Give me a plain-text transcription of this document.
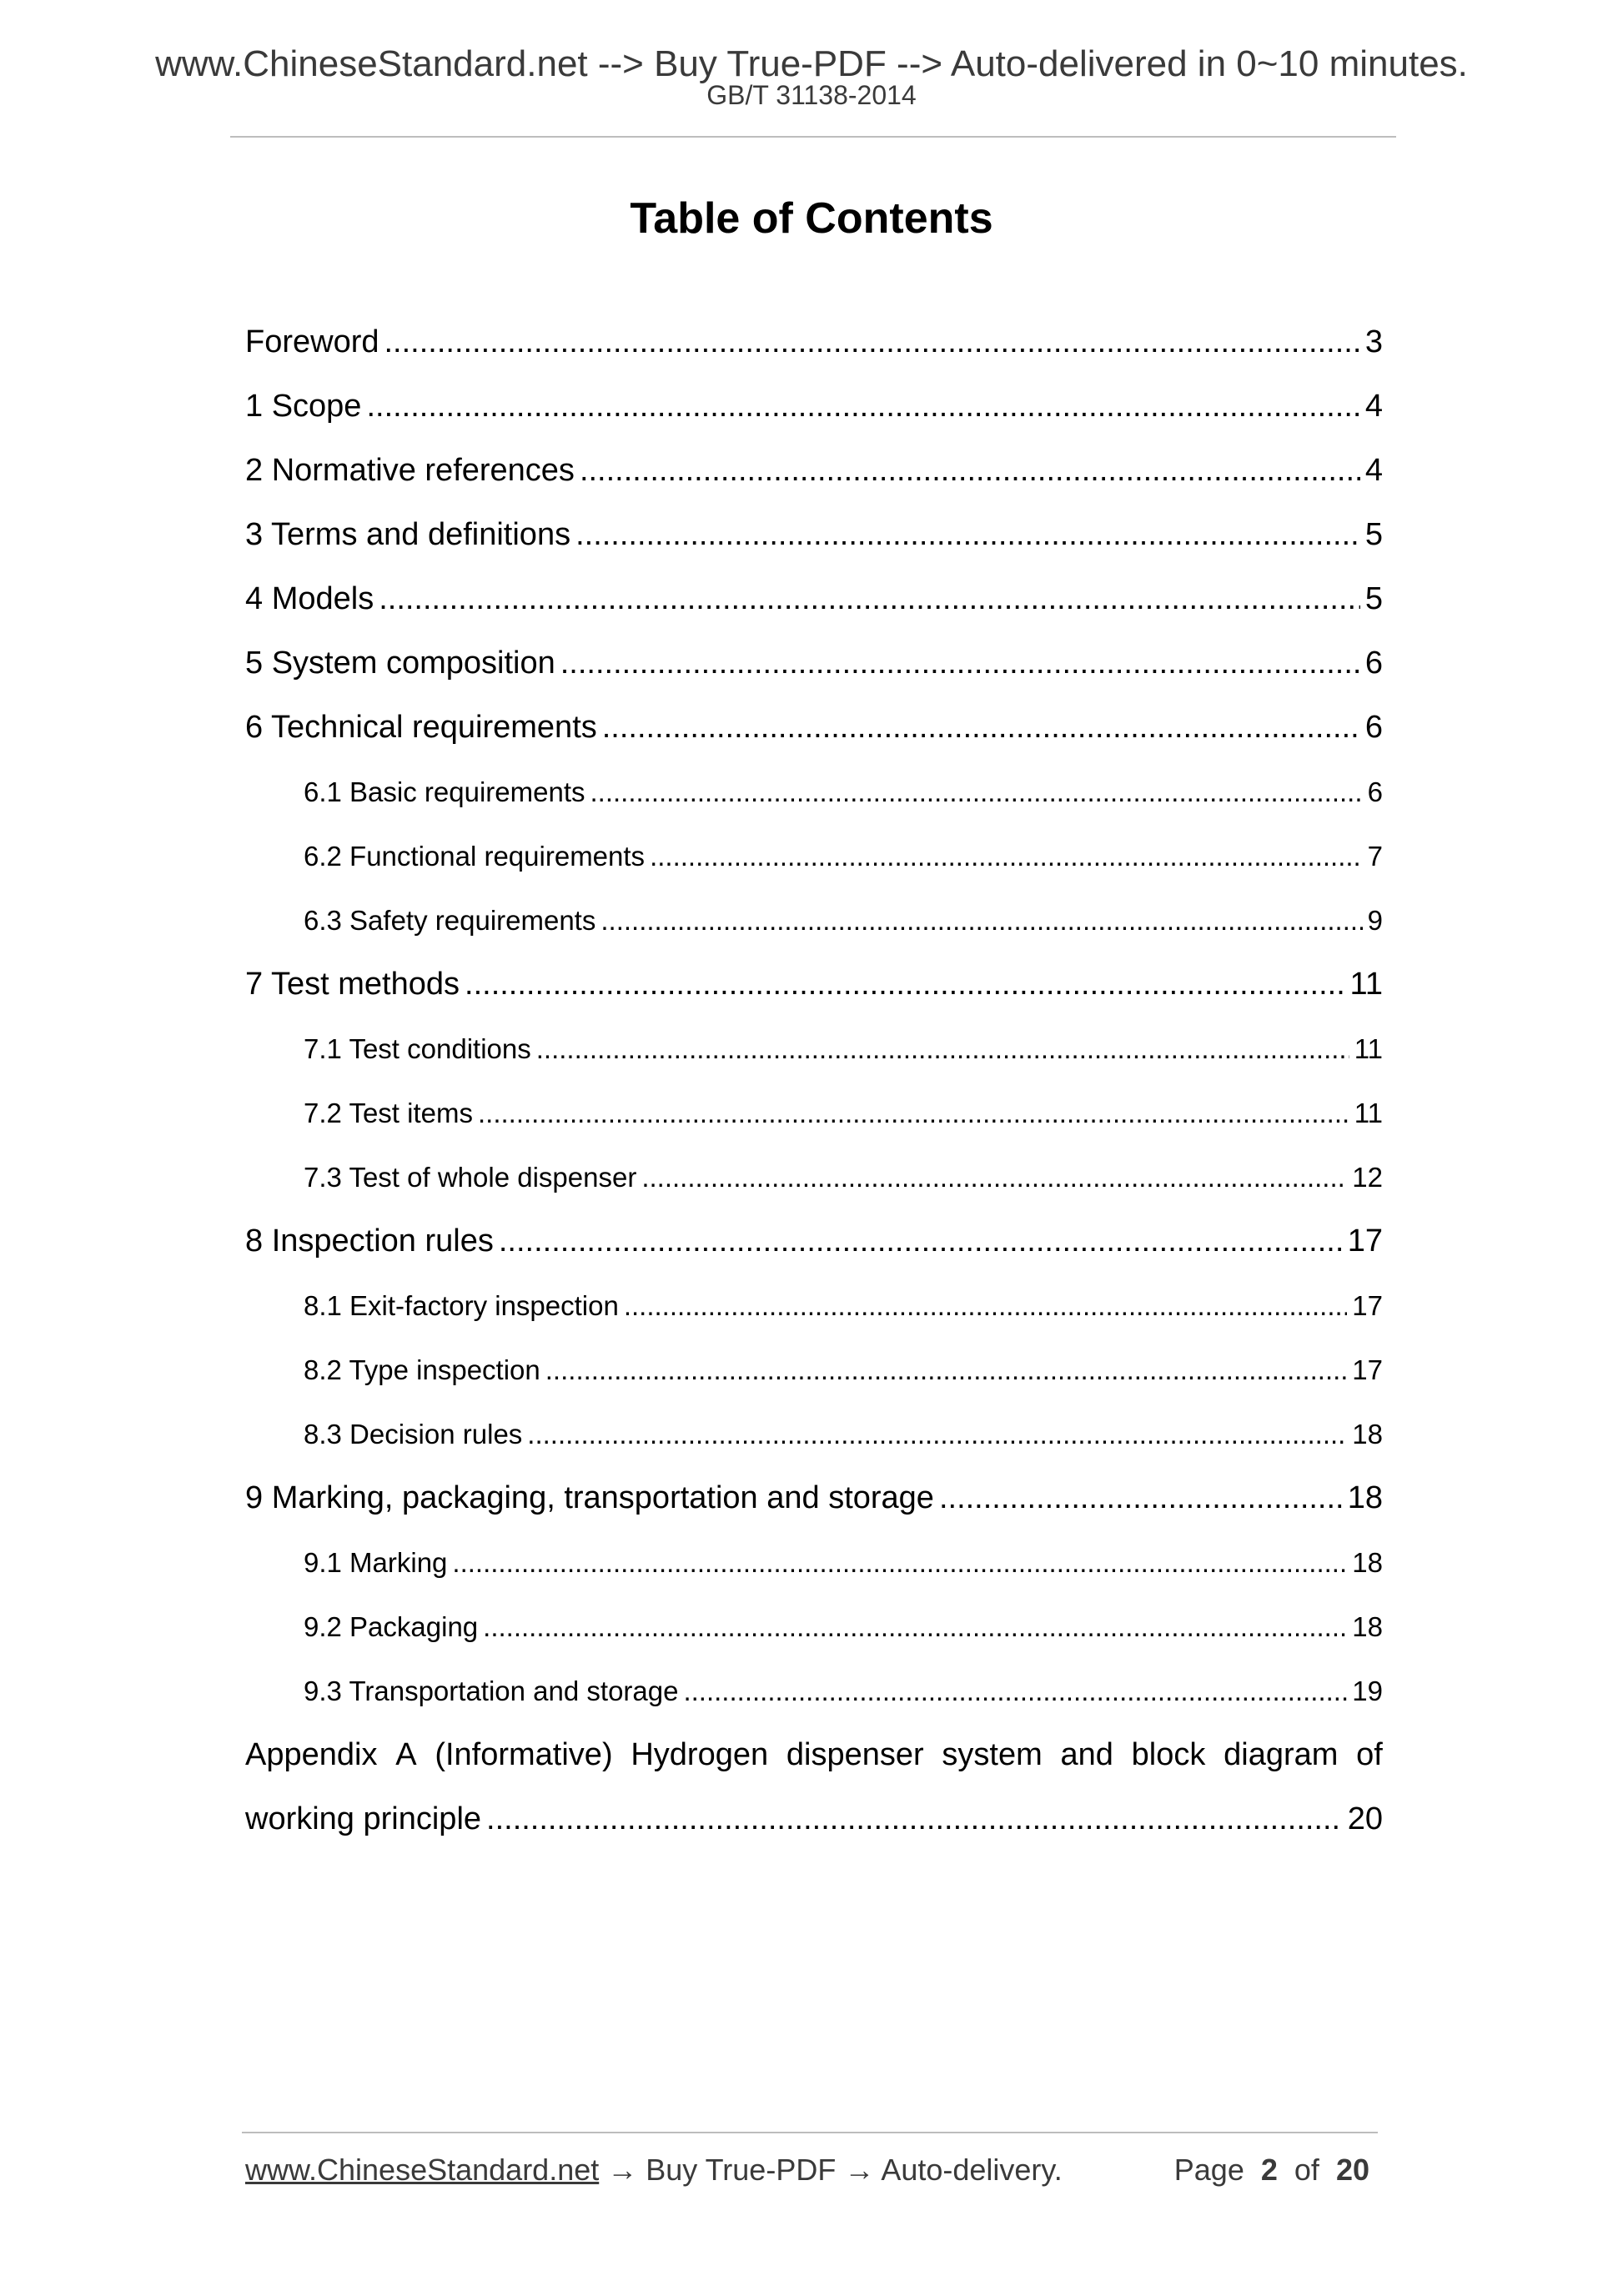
www.ChineseStandard.net --> Buy True-PDF --> Auto-delivered in 0~10 minutes.
GB/T 31138-2014
Table of Contents
Foreword .....	3
1 Scope .....	4
2 Normative references .....	4
3 Terms and definitions .....	5
4 Models .....	5
5 System composition .....	6
6 Technical requirements .....	6
6.1 Basic requirements .....	6
6.2 Functional requirements .....	7
6.3 Safety requirements .....	9
7 Test methods .....	11
7.1 Test conditions .....	11
7.2 Test items .....	11
7.3 Test of whole dispenser .....	12
8 Inspection rules .....	17
8.1 Exit-factory inspection .....	17
8.2 Type inspection .....	17
8.3 Decision rules .....	18
9 Marking, packaging, transportation and storage .....	18
9.1 Marking .....	18
9.2 Packaging .....	18
9.3 Transportation and storage .....	19
Appendix A (Informative) Hydrogen dispenser system and block diagram of
working principle .....	20
www.ChineseStandard.net → Buy True-PDF → Auto-delivery.	Page 2 of 20
